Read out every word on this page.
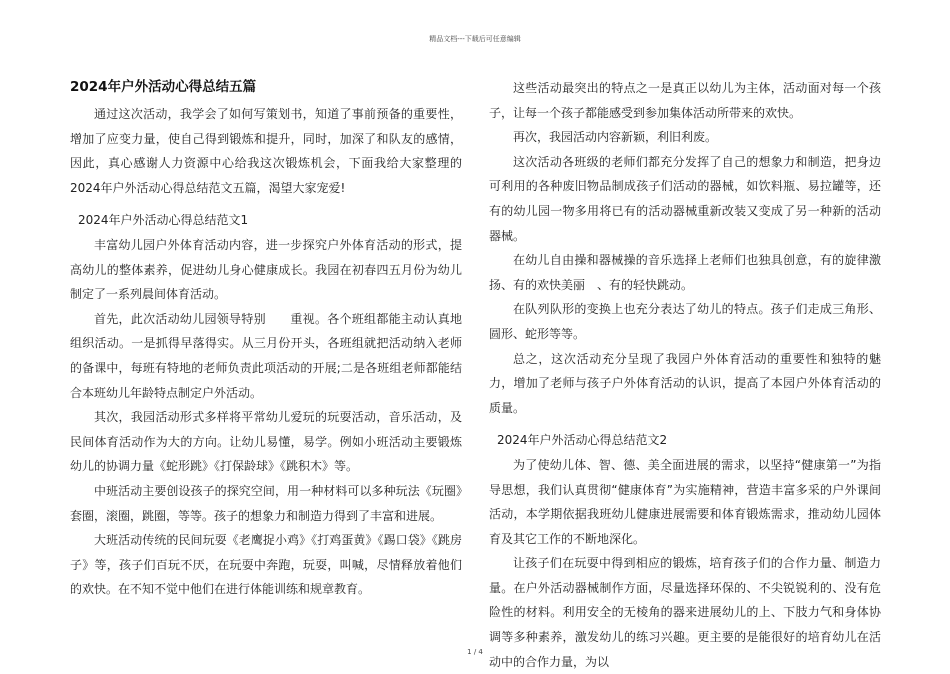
精品文档---下载后可任意编辑
2024年户外活动心得总结五篇
通过这次活动，我学会了如何写策划书，知道了事前预备的重要性，增加了应变力量，使自己得到锻炼和提升，同时，加深了和队友的感情，因此，真心感谢人力资源中心给我这次锻炼机会，下面我给大家整理的2024年户外活动心得总结范文五篇，渴望大家宠爱!
2024年户外活动心得总结范文1
丰富幼儿园户外体育活动内容，进一步探究户外体育活动的形式，提高幼儿的整体素养，促进幼儿身心健康成长。我园在初春四五月份为幼儿制定了一系列晨间体育活动。
首先，此次活动幼儿园领导特别　　重视。各个班组都能主动认真地组织活动。一是抓得早落得实。从三月份开头，各班组就把活动纳入老师的备课中，每班有特地的老师负责此项活动的开展;二是各班组老师都能结合本班幼儿年龄特点制定户外活动。
其次，我园活动形式多样将平常幼儿爱玩的玩耍活动，音乐活动，及民间体育活动作为大的方向。让幼儿易懂，易学。例如小班活动主要锻炼幼儿的协调力量《蛇形跳》《打保龄球》《跳积木》等。
中班活动主要创设孩子的探究空间，用一种材料可以多种玩法《玩圈》套圈，滚圈，跳圈，等等。孩子的想象力和制造力得到了丰富和进展。
大班活动传统的民间玩耍《老鹰捉小鸡》《打鸡蛋黄》《踢口袋》《跳房子》等，孩子们百玩不厌，在玩耍中奔跑，玩耍，叫喊，尽情释放着他们的欢快。在不知不觉中他们在进行体能训练和规章教育。
这些活动最突出的特点之一是真正以幼儿为主体，活动面对每一个孩子，让每一个孩子都能感受到参加集体活动所带来的欢快。
再次，我园活动内容新颖，利旧利废。
这次活动各班级的老师们都充分发挥了自己的想象力和制造，把身边可利用的各种废旧物品制成孩子们活动的器械，如饮料瓶、易拉罐等，还有的幼儿园一物多用将已有的活动器械重新改装又变成了另一种新的活动器械。
在幼儿自由操和器械操的音乐选择上老师们也独具创意，有的旋律激扬、有的欢快美丽　、有的轻快跳动。
在队列队形的变换上也充分表达了幼儿的特点。孩子们走成三角形、圆形、蛇形等等。
总之，这次活动充分呈现了我园户外体育活动的重要性和独特的魅力，增加了老师与孩子户外体育活动的认识，提高了本园户外体育活动的质量。
2024年户外活动心得总结范文2
为了使幼儿体、智、德、美全面进展的需求，以坚持“健康第一”为指导思想，我们认真贯彻“健康体育”为实施精神，营造丰富多采的户外课间活动，本学期依据我班幼儿健康进展需要和体育锻炼需求，推动幼儿园体育及其它工作的不断地深化。
让孩子们在玩耍中得到相应的锻炼，培育孩子们的合作力量、制造力量。在户外活动器械制作方面，尽量选择环保的、不尖锐锐利的、没有危险性的材料。利用安全的无棱角的器来进展幼儿的上、下肢力气和身体协调等多种素养，激发幼儿的练习兴趣。更主要的是能很好的培育幼儿在活动中的合作力量，为以
1 / 4
